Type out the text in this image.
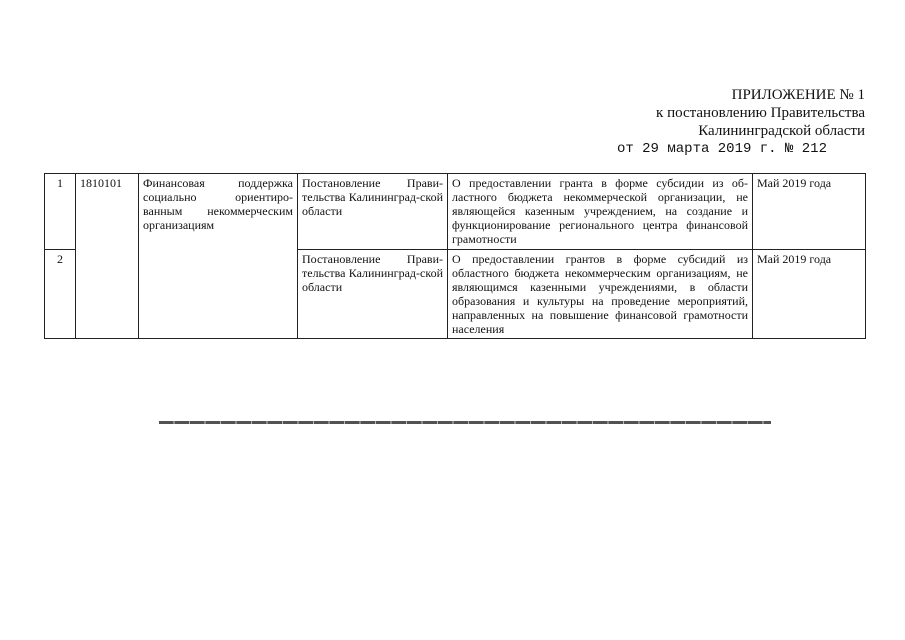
ПРИЛОЖЕНИЕ № 1
к постановлению Правительства
Калининградской области
от 29 марта 2019 г. № 212
1	1810101	Финансовая поддержка социально ориентиро-ванным некоммерческим организациям	Постановление Прави-тельства Калининград-ской области	О предоставлении гранта в форме субсидии из об-ластного бюджета некоммерческой организации, не являющейся казенным учреждением, на создание и функционирование регионального центра финансовой грамотности	Май 2019 года
2			Постановление Прави-тельства Калининград-ской области	О предоставлении грантов в форме субсидий из областного бюджета некоммерческим организациям, не являющимся казенными учреждениями, в области образования и культуры на проведение мероприятий, направленных на повышение финансовой грамотности населения	Май 2019 года
